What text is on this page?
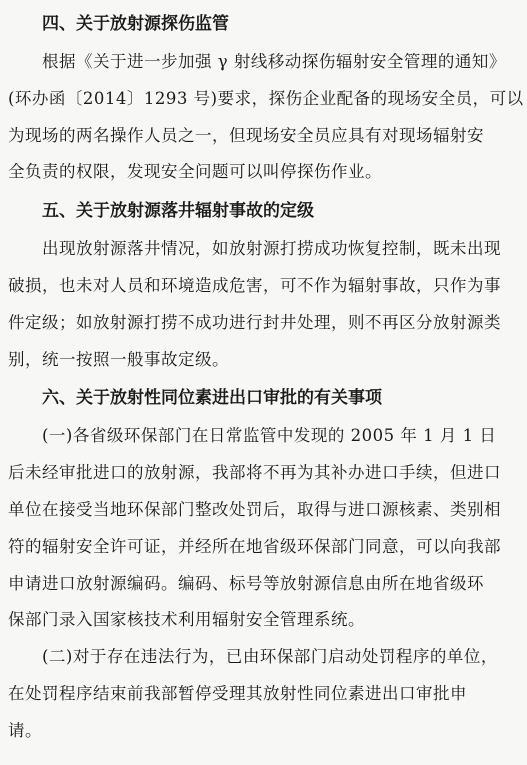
四、关于放射源探伤监管
根据《关于进一步加强 γ 射线移动探伤辐射安全管理的通知》
(环办函〔2014〕1293 号)要求，探伤企业配备的现场安全员，可以
为现场的两名操作人员之一，但现场安全员应具有对现场辐射安
全负责的权限，发现安全问题可以叫停探伤作业。
五、关于放射源落井辐射事故的定级
出现放射源落井情况，如放射源打捞成功恢复控制，既未出现
破损，也未对人员和环境造成危害，可不作为辐射事故，只作为事
件定级；如放射源打捞不成功进行封井处理，则不再区分放射源类
别，统一按照一般事故定级。
六、关于放射性同位素进出口审批的有关事项
(一)各省级环保部门在日常监管中发现的 2005 年 1 月 1 日
后未经审批进口的放射源，我部将不再为其补办进口手续，但进口
单位在接受当地环保部门整改处罚后，取得与进口源核素、类别相
符的辐射安全许可证，并经所在地省级环保部门同意，可以向我部
申请进口放射源编码。编码、标号等放射源信息由所在地省级环
保部门录入国家核技术利用辐射安全管理系统。
(二)对于存在违法行为，已由环保部门启动处罚程序的单位，
在处罚程序结束前我部暂停受理其放射性同位素进出口审批申
请。
